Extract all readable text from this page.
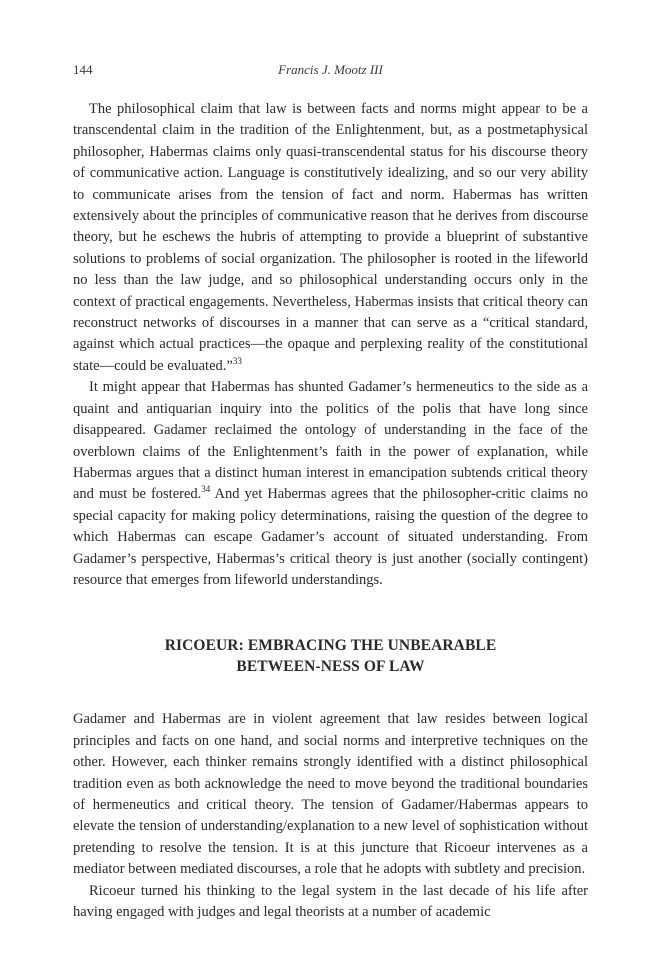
144	Francis J. Mootz III

The philosophical claim that law is between facts and norms might appear to be a transcendental claim in the tradition of the Enlightenment, but, as a postmetaphysical philosopher, Habermas claims only quasi-transcendental status for his discourse theory of communicative action. Language is constitutively idealizing, and so our very ability to communicate arises from the tension of fact and norm. Habermas has written extensively about the principles of communicative reason that he derives from discourse theory, but he eschews the hubris of attempting to provide a blueprint of substantive solutions to problems of social organization. The philosopher is rooted in the lifeworld no less than the law judge, and so philosophical understanding occurs only in the context of practical engagements. Nevertheless, Habermas insists that critical theory can reconstruct networks of discourses in a manner that can serve as a “critical standard, against which actual practices—the opaque and perplexing reality of the constitutional state—could be evaluated.”$^{33}$

It might appear that Habermas has shunted Gadamer’s hermeneutics to the side as a quaint and antiquarian inquiry into the politics of the polis that have long since disappeared. Gadamer reclaimed the ontology of understanding in the face of the overblown claims of the Enlightenment’s faith in the power of explanation, while Habermas argues that a distinct human interest in emancipation subtends critical theory and must be fostered.$^{34}$ And yet Habermas agrees that the philosopher-critic claims no special capacity for making policy determinations, raising the question of the degree to which Habermas can escape Gadamer’s account of situated understanding. From Gadamer’s perspective, Habermas’s critical theory is just another (socially contingent) resource that emerges from lifeworld understandings.

RICOEUR: EMBRACING THE UNBEARABLE
BETWEEN-NESS OF LAW

Gadamer and Habermas are in violent agreement that law resides between logical principles and facts on one hand, and social norms and interpretive techniques on the other. However, each thinker remains strongly identified with a distinct philosophical tradition even as both acknowledge the need to move beyond the traditional boundaries of hermeneutics and critical theory. The tension of Gadamer/Habermas appears to elevate the tension of understanding/explanation to a new level of sophistication without pretending to resolve the tension. It is at this juncture that Ricoeur intervenes as a mediator between mediated discourses, a role that he adopts with subtlety and precision.

Ricoeur turned his thinking to the legal system in the last decade of his life after having engaged with judges and legal theorists at a number of academic
